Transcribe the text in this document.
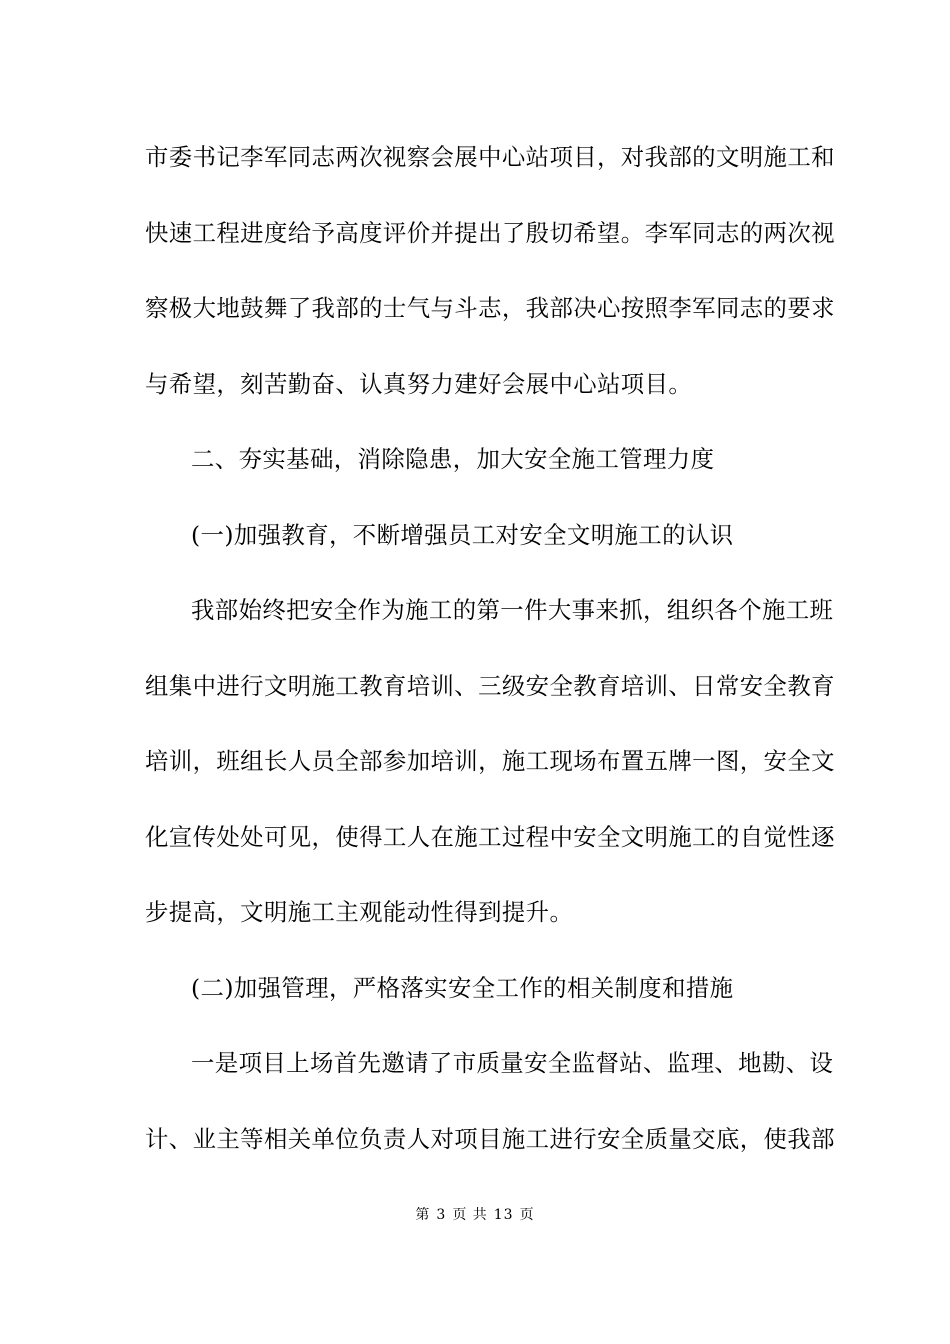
市委书记李军同志两次视察会展中心站项目，对我部的文明施工和
快速工程进度给予高度评价并提出了殷切希望。李军同志的两次视
察极大地鼓舞了我部的士气与斗志，我部决心按照李军同志的要求
与希望，刻苦勤奋、认真努力建好会展中心站项目。
二、夯实基础，消除隐患，加大安全施工管理力度
(一)加强教育，不断增强员工对安全文明施工的认识
我部始终把安全作为施工的第一件大事来抓，组织各个施工班
组集中进行文明施工教育培训、三级安全教育培训、日常安全教育
培训，班组长人员全部参加培训，施工现场布置五牌一图，安全文
化宣传处处可见，使得工人在施工过程中安全文明施工的自觉性逐
步提高，文明施工主观能动性得到提升。
(二)加强管理，严格落实安全工作的相关制度和措施
一是项目上场首先邀请了市质量安全监督站、监理、地勘、设
计、业主等相关单位负责人对项目施工进行安全质量交底，使我部
第 3 页 共 13 页
